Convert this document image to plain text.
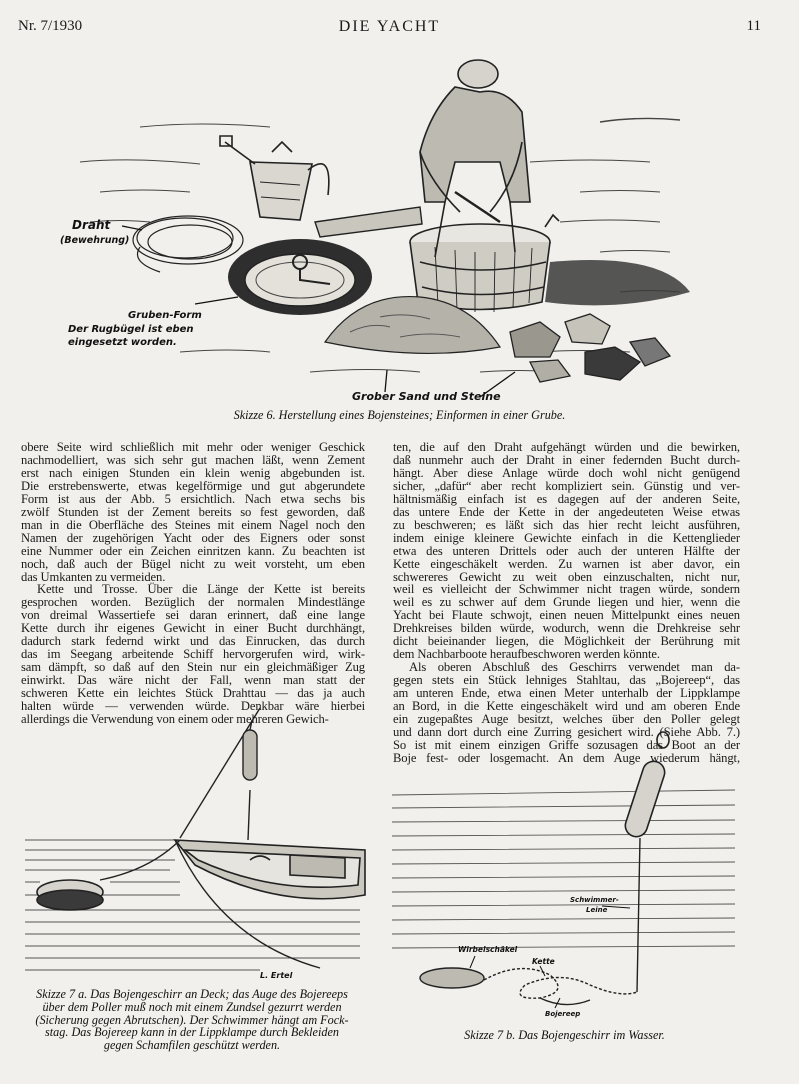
Nr. 7/1930	DIE YACHT	11
Draht
(Bewehrung)
Gruben-Form
Der Rugbügel ist eben
eingesetzt worden.
Grober Sand und Steine
Skizze 6. Herstellung eines Bojensteines; Einformen in einer Grube.
obere Seite wird schließlich mit mehr oder weniger Geschick
nachmodelliert, was sich sehr gut machen läßt, wenn Zement
erst nach einigen Stunden ein klein wenig abgebunden ist.
Die erstrebenswerte, etwas kegelförmige und gut abgerundete
Form ist aus der Abb. 5 ersichtlich. Nach etwa sechs bis
zwölf Stunden ist der Zement bereits so fest geworden, daß
man in die Oberfläche des Steines mit einem Nagel noch den
Namen der zugehörigen Yacht oder des Eigners oder sonst
eine Nummer oder ein Zeichen einritzen kann. Zu beachten ist
noch, daß auch der Bügel nicht zu weit vorsteht, um eben
das Umkanten zu vermeiden.
Kette und Trosse. Über die Länge der Kette ist bereits
gesprochen worden. Bezüglich der normalen Mindestlänge
von dreimal Wassertiefe sei daran erinnert, daß eine lange
Kette durch ihr eigenes Gewicht in einer Bucht durchhängt,
dadurch stark federnd wirkt und das Einrucken, das durch
das im Seegang arbeitende Schiff hervorgerufen wird, wirk-
sam dämpft, so daß auf den Stein nur ein gleichmäßiger Zug
einwirkt. Das wäre nicht der Fall, wenn man statt der
schweren Kette ein leichtes Stück Drahttau — das ja auch
halten würde — verwenden würde. Denkbar wäre hierbei
allerdings die Verwendung von einem oder mehreren Gewich-
ten, die auf den Draht aufgehängt würden und die bewirken,
daß nunmehr auch der Draht in einer federnden Bucht durch-
hängt. Aber diese Anlage würde doch wohl nicht genügend
sicher, „dafür“ aber recht kompliziert sein. Günstig und ver-
hältnismäßig einfach ist es dagegen auf der anderen Seite,
das untere Ende der Kette in der angedeuteten Weise etwas
zu beschweren; es läßt sich das hier recht leicht ausführen,
indem einige kleinere Gewichte einfach in die Kettenglieder
etwa des unteren Drittels oder auch der unteren Hälfte der
Kette eingeschäkelt werden. Zu warnen ist aber davor, ein
schwereres Gewicht zu weit oben einzuschalten, nicht nur,
weil es vielleicht der Schwimmer nicht tragen würde, sondern
weil es zu schwer auf dem Grunde liegen und hier, wenn die
Yacht bei Flaute schwojt, einen neuen Mittelpunkt eines neuen
Drehkreises bilden würde, wodurch, wenn die Drehkreise sehr
dicht beieinander liegen, die Möglichkeit der Berührung mit
dem Nachbarboote heraufbeschworen werden könnte.
Als oberen Abschluß des Geschirrs verwendet man da-
gegen stets ein Stück lehniges Stahltau, das „Bojereep“, das
am unteren Ende, etwa einen Meter unterhalb der Lippklampe
an Bord, in die Kette eingeschäkelt wird und am oberen Ende
ein zugepaßtes Auge besitzt, welches über den Poller gelegt
und dann dort durch eine Zurring gesichert wird. (Siehe Abb. 7.)
So ist mit einem einzigen Griffe sozusagen das Boot an der
Boje fest- oder losgemacht. An dem Auge wiederum hängt,
L. Ertel
Skizze 7 a. Das Bojengeschirr an Deck; das Auge des Bojereeps
über dem Poller muß noch mit einem Zundsel gezurrt werden
(Sicherung gegen Abrutschen). Der Schwimmer hängt am Fock-
stag. Das Bojereep kann in der Lippklampe durch Bekleiden
gegen Schamfilen geschützt werden.
Schwimmer-
Leine
Wirbelschäkel
Kette
Bojereep
Skizze 7 b. Das Bojengeschirr im Wasser.
